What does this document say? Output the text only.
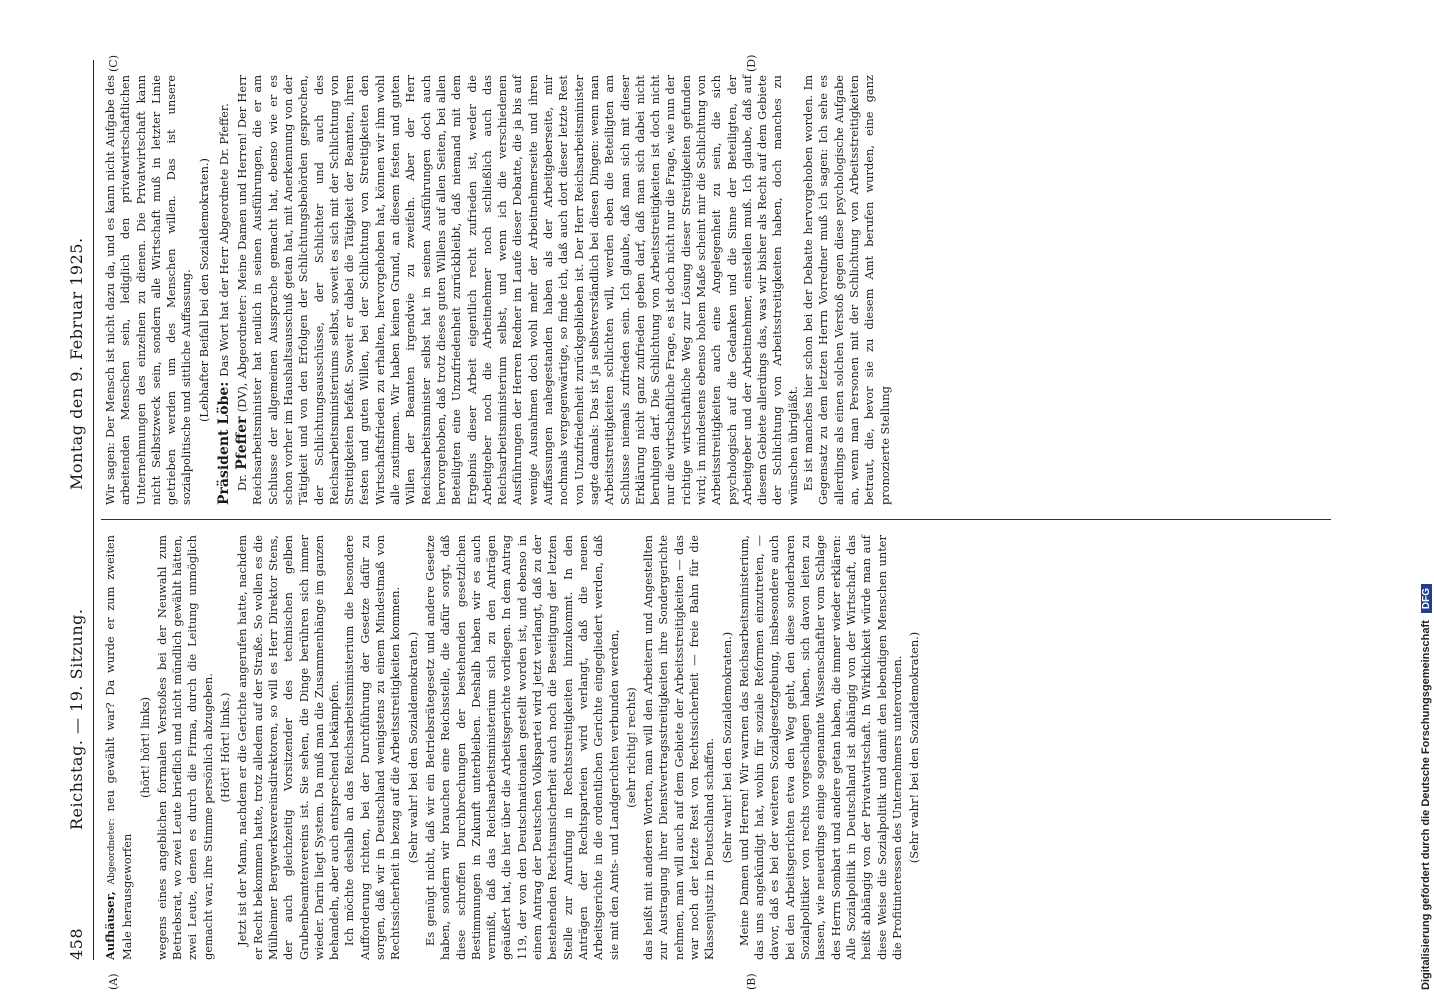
458
Reichstag. — 19. Sitzung.
Montag den 9. Februar 1925.
(A)	(B)
(C)	(D)

Aufhäuser, Abgeordneter: neu gewählt war? Da wurde er zum zweiten Male herausgeworfen

(hört! hört! links) wegens eines angeblichen formalen Verstoßes bei der Neuwahl zum Betriebsrat, wo zwei Leute brieflich und nicht mündlich gewählt hätten, zwei Leute, denen es durch die Firma, durch die Leitung unmöglich gemacht war, ihre Stimme persönlich abzugeben. (Hört! Hört! links.) Jetzt ist der Mann, nachdem er die Gerichte angerufen hatte, nachdem er Recht bekommen hatte, trotz alledem auf der Straße. So wollen es die Mülheimer Bergwerksvereinsdirektoren, so will es Herr Direktor Stens, der auch gleichzeitig Vorsitzender des technischen gelben Grubenbeamtenvereins ist. Sie sehen, die Dinge berühren sich immer wieder. Darin liegt System. Da muß man die Zusammenhänge im ganzen behandeln, aber auch entsprechend bekämpfen. Ich möchte deshalb an das Reichsarbeitsministerium die besondere Aufforderung richten, bei der Durchführung der Gesetze dafür zu sorgen, daß wir in Deutschland wenigstens zu einem Mindestmaß von Rechtssicherheit in bezug auf die Arbeitsstreitigkeiten kommen. (Sehr wahr! bei den Sozialdemokraten.) Es genügt nicht, daß wir ein Betriebsrätegesetz und andere Gesetze haben, sondern wir brauchen eine Reichsstelle, die dafür sorgt, daß diese schroffen Durchbrechungen der bestehenden gesetzlichen Bestimmungen in Zukunft unterbleiben. Deshalb haben wir es auch vermißt, daß das Reichsarbeitsministerium sich zu den Anträgen geäußert hat, die hier über die Arbeitsgerichte vorliegen. In dem Antrag 119, der von den Deutschnationalen gestellt worden ist, und ebenso in einem Antrag der Deutschen Volkspartei wird jetzt verlangt, daß zu der bestehenden Rechtsunsicherheit auch noch die Beseitigung der letzten Stelle zur Anrufung in Rechtsstreitigkeiten hinzukommt. In den Anträgen der Rechtsparteien wird verlangt, daß die neuen Arbeitsgerichte in die ordentlichen Gerichte eingegliedert werden, daß sie mit den Amts- und Landgerichten verbunden werden, (sehr richtig! rechts) das heißt mit anderen Worten, man will den Arbeitern und Angestellten zur Austragung ihrer Dienstvertragsstreitigkeiten ihre Sondergerichte nehmen, man will auch auf dem Gebiete der Arbeitsstreitigkeiten — das war noch der letzte Rest von Rechtssicherheit — freie Bahn für die Klassenjustiz in Deutschland schaffen. (Sehr wahr! bei den Sozialdemokraten.) Meine Damen und Herren! Wir warnen das Reichsarbeitsministerium, das uns angekündigt hat, wohin für soziale Reformen einzutreten, — davor, daß es bei der weiteren Sozialgesetzgebung, insbesondere auch bei den Arbeitsgerichten etwa den Weg geht, den diese sonderbaren Sozialpolitiker von rechts vorgeschlagen haben, sich davon leiten zu lassen, wie neuerdings einige sogenannte Wissenschaftler vom Schlage des Herrn Sombart und andere getan haben, die immer wieder erklären: Alle Sozialpolitik in Deutschland ist abhängig von der Wirtschaft, das heißt abhängig von der Privatwirtschaft. In Wirklichkeit würde man auf diese Weise die Sozialpolitik und damit den lebendigen Menschen unter die Profitinteressen des Unternehmers unterordnen. (Sehr wahr! bei den Sozialdemokraten.)

Wir sagen: Der Mensch ist nicht dazu da, und es kann nicht Aufgabe des arbeitenden Menschen sein, lediglich den privatwirtschaftlichen Unternehmungen des einzelnen zu dienen. Die Privatwirtschaft kann nicht Selbstzweck sein, sondern alle Wirtschaft muß in letzter Linie getrieben werden um des Menschen willen. Das ist unsere sozialpolitische und sittliche Auffassung. (Lebhafter Beifall bei den Sozialdemokraten.)

Präsident Löbe: Das Wort hat der Herr Abgeordnete Dr. Pfeffer.

Dr. Pfeffer (DV), Abgeordneter: Meine Damen und Herren! Der Herr Reichsarbeitsminister hat neulich in seinen Ausführungen, die er am Schlusse der allgemeinen Aussprache gemacht hat, ebenso wie er es schon vorher im Haushaltsausschuß getan hat, mit Anerkennung von der Tätigkeit und von den Erfolgen der Schlichtungsbehörden gesprochen, der Schlichtungsausschüsse, der Schlichter und auch des Reichsarbeitsministeriums selbst, soweit es sich mit der Schlichtung von Streitigkeiten befaßt. Soweit er dabei die Tätigkeit der Beamten, ihren festen und guten Willen, bei der Schlichtung von Streitigkeiten den Wirtschaftsfrieden zu erhalten, hervorgehoben hat, können wir ihm wohl alle zustimmen. Wir haben keinen Grund, an diesem festen und guten Willen der Beamten irgendwie zu zweifeln. Aber der Herr Reichsarbeitsminister selbst hat in seinen Ausführungen doch auch hervorgehoben, daß trotz dieses guten Willens auf allen Seiten, bei allen Beteiligten eine Unzufriedenheit zurückbleibt, daß niemand mit dem Ergebnis dieser Arbeit eigentlich recht zufrieden ist, weder die Arbeitgeber noch die Arbeitnehmer noch schließlich auch das Reichsarbeitsministerium selbst, und wenn ich die verschiedenen Ausführungen der Herren Redner im Laufe dieser Debatte, die ja bis auf wenige Ausnahmen doch wohl mehr der Arbeitnehmerseite und ihren Auffassungen nahegestanden haben als der Arbeitgeberseite, mir nochmals vergegenwärtige, so finde ich, daß auch dort dieser letzte Rest von Unzufriedenheit zurückgeblieben ist. Der Herr Reichsarbeitsminister sagte damals: Das ist ja selbstverständlich bei diesen Dingen: wenn man Arbeitsstreitigkeiten schlichten will, werden eben die Beteiligten am Schlusse niemals zufrieden sein. Ich glaube, daß man sich mit dieser Erklärung nicht ganz zufrieden geben darf, daß man sich dabei nicht beruhigen darf. Die Schlichtung von Arbeitsstreitigkeiten ist doch nicht nur die wirtschaftliche Frage, es ist doch nicht nur die Frage, wie nun der richtige wirtschaftliche Weg zur Lösung dieser Streitigkeiten gefunden wird; in mindestens ebenso hohem Maße scheint mir die Schlichtung von Arbeitsstreitigkeiten auch eine Angelegenheit zu sein, die sich psychologisch auf die Gedanken und die Sinne der Beteiligten, der Arbeitgeber und der Arbeitnehmer, einstellen muß. Ich glaube, daß auf diesem Gebiete allerdings das, was wir bisher als Recht auf dem Gebiete der Schlichtung von Arbeitsstreitigkeiten haben, doch manches zu wünschen übrigläßt. Es ist manches hier schon bei der Debatte hervorgehoben worden. Im Gegensatz zu dem letzten Herrn Vorredner muß ich sagen: Ich sehe es allerdings als einen solchen Verstoß gegen diese psychologische Aufgabe an, wenn man Personen mit der Schlichtung von Arbeitsstreitigkeiten betraut, die, bevor sie zu diesem Amt berufen wurden, eine ganz pronozierte Stellung

Digitalisierung gefördert durch die Deutsche Forschungsgemeinschaft DFG
